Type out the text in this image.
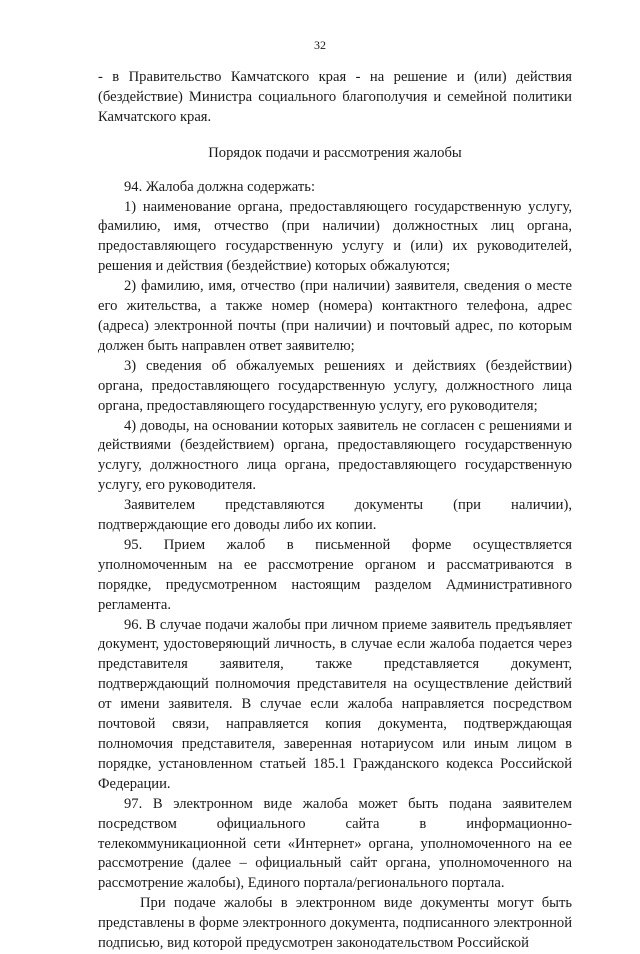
32

- в Правительство Камчатского края - на решение и (или) действия (бездействие) Министра социального благополучия и семейной политики Камчатского края.

Порядок подачи и рассмотрения жалобы

94. Жалоба должна содержать:

1) наименование органа, предоставляющего государственную услугу, фамилию, имя, отчество (при наличии) должностных лиц органа, предоставляющего государственную услугу и (или) их руководителей, решения и действия (бездействие) которых обжалуются;

2) фамилию, имя, отчество (при наличии) заявителя, сведения о месте его жительства, а также номер (номера) контактного телефона, адрес (адреса) электронной почты (при наличии) и почтовый адрес, по которым должен быть направлен ответ заявителю;

3) сведения об обжалуемых решениях и действиях (бездействии) органа, предоставляющего государственную услугу, должностного лица органа, предоставляющего государственную услугу, его руководителя;

4) доводы, на основании которых заявитель не согласен с решениями и действиями (бездействием) органа, предоставляющего государственную услугу, должностного лица органа, предоставляющего государственную услугу, его руководителя.

Заявителем представляются документы (при наличии), подтверждающие его доводы либо их копии.

95. Прием жалоб в письменной форме осуществляется уполномоченным на ее рассмотрение органом и рассматриваются в порядке, предусмотренном настоящим разделом Административного регламента.

96. В случае подачи жалобы при личном приеме заявитель предъявляет документ, удостоверяющий личность, в случае если жалоба подается через представителя заявителя, также представляется документ, подтверждающий полномочия представителя на осуществление действий от имени заявителя. В случае если жалоба направляется посредством почтовой связи, направляется копия документа, подтверждающая полномочия представителя, заверенная нотариусом или иным лицом в порядке, установленном статьей 185.1 Гражданского кодекса Российской Федерации.

97. В электронном виде жалоба может быть подана заявителем посредством официального сайта в информационно-телекоммуникационной сети «Интернет» органа, уполномоченного на ее рассмотрение (далее – официальный сайт органа, уполномоченного на рассмотрение жалобы), Единого портала/регионального портала.

При подаче жалобы в электронном виде документы могут быть представлены в форме электронного документа, подписанного электронной подписью, вид которой предусмотрен законодательством Российской
